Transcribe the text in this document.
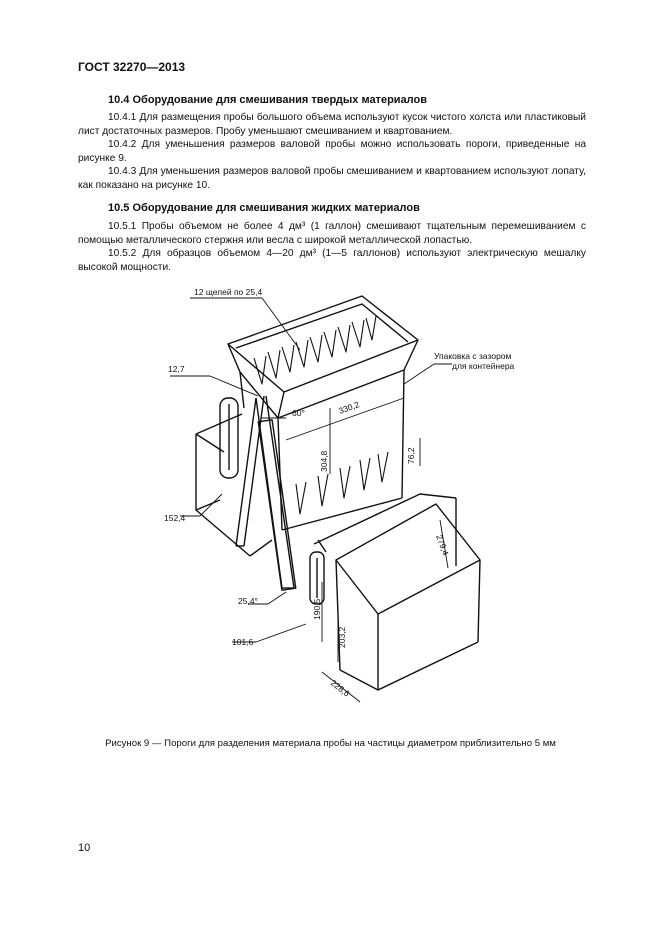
ГОСТ 32270—2013
10.4 Оборудование для смешивания твердых материалов

10.4.1 Для размещения пробы большого объема используют кусок чистого холста или пластиковый лист достаточных размеров. Пробу уменьшают смешиванием и квартованием.

10.4.2 Для уменьшения размеров валовой пробы можно использовать пороги, приведенные на рисунке 9.

10.4.3 Для уменьшения размеров валовой пробы смешиванием и квартованием используют лопату, как показано на рисунке 10.

10.5 Оборудование для смешивания жидких материалов

10.5.1 Пробы объемом не более 4 дм³ (1 галлон) смешивают тщательным перемешиванием с помощью металлического стержня или весла с широкой металлической лопастью.

10.5.2 Для образцов объемом 4—20 дм³ (1—5 галлонов) используют электрическую мешалку высокой мощности.

12 щелей по 25,4
Упаковка с зазором
для контейнера
12,7
60°	330,2
304,8	76,2
152,4
279,4
25,4°
101,6
190,5
203,2
228,6
Рисунок 9 — Пороги для разделения материала пробы на частицы диаметром приблизительно 5 мм
10
